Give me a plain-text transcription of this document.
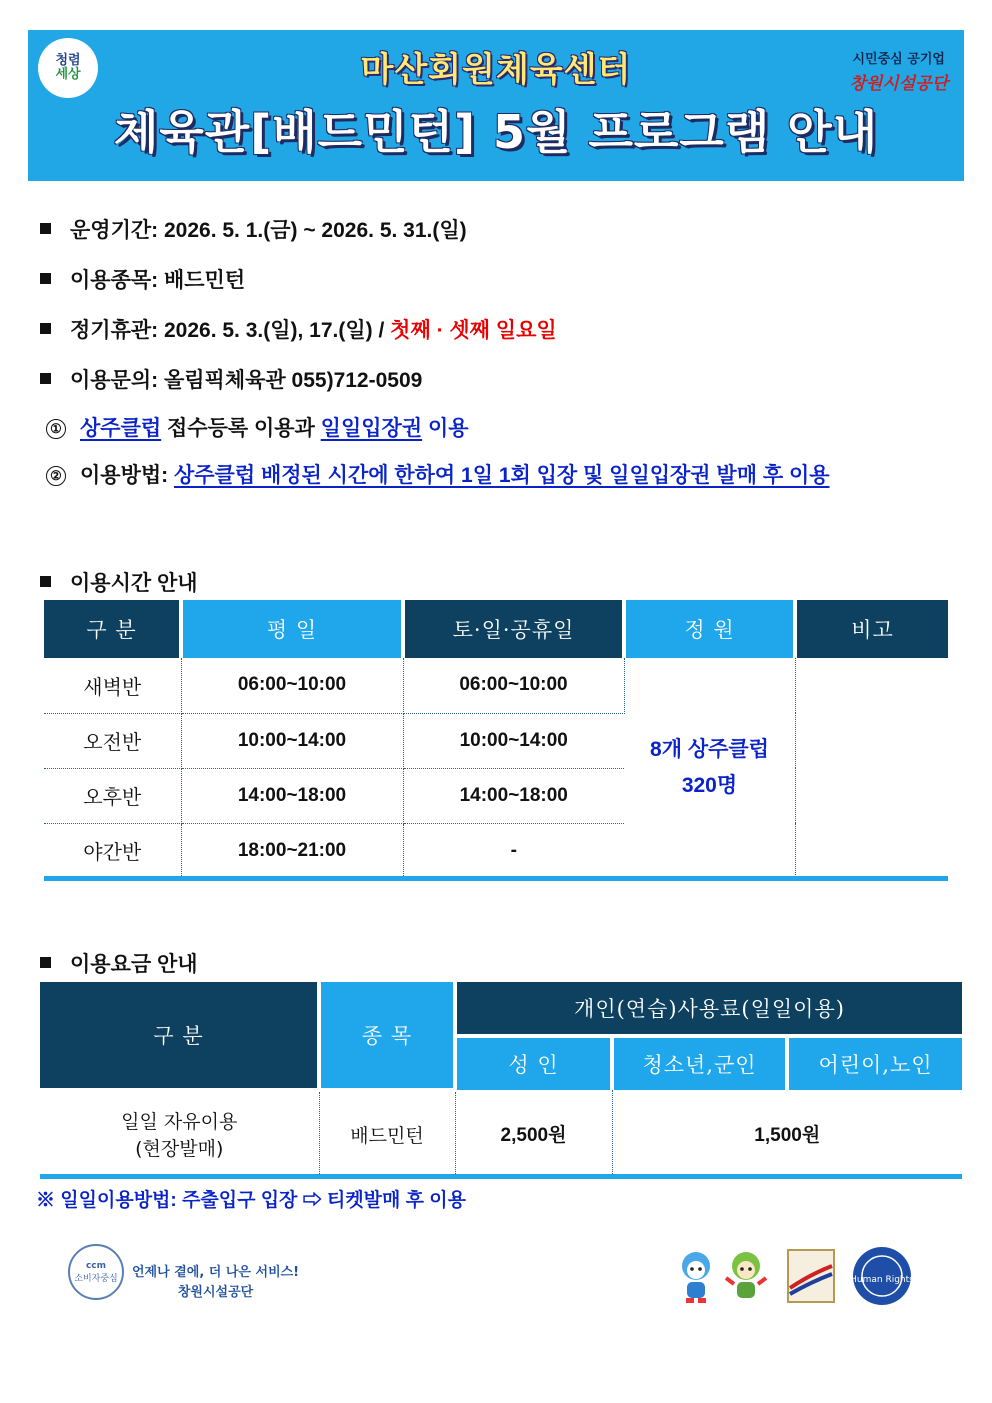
청렴
세상	마산회원체육센터
체육관[배드민턴] 5월 프로그램 안내
시민중심 공기업
창원시설공단
운영기간: 2026. 5. 1.(금) ~ 2026. 5. 31.(일)
이용종목: 배드민턴
정기휴관: 2026. 5. 3.(일), 17.(일) / 첫째 · 셋째 일요일
이용문의: 올림픽체육관 055)712-0509
① 상주클럽 접수등록 이용과 일일입장권 이용
② 이용방법: 상주클럽 배정된 시간에 한하여 1일 1회 입장 및 일일입장권 발매 후 이용
이용시간 안내
구 분	평 일	토·일·공휴일	정 원	비고
새벽반	06:00~10:00	06:00~10:00	8개 상주클럽
320명	

오전반	10:00~14:00	10:00~14:00		
오후반	14:00~18:00	14:00~18:00		
야간반	18:00~21:00	-		
이용요금 안내
구 분	종 목	개인(연습)사용료(일일이용)		
		성 인	청소년,군인	어린이,노인

일일 자유이용
(현장발매)	배드민턴	2,500원	1,500원	
※ 일일이용방법: 주출입구 입장 ⇨ 티켓발매 후 이용
ccm
소비자중심 언제나 곁에, 더 나은 서비스!
창원시설공단
Human Rights
